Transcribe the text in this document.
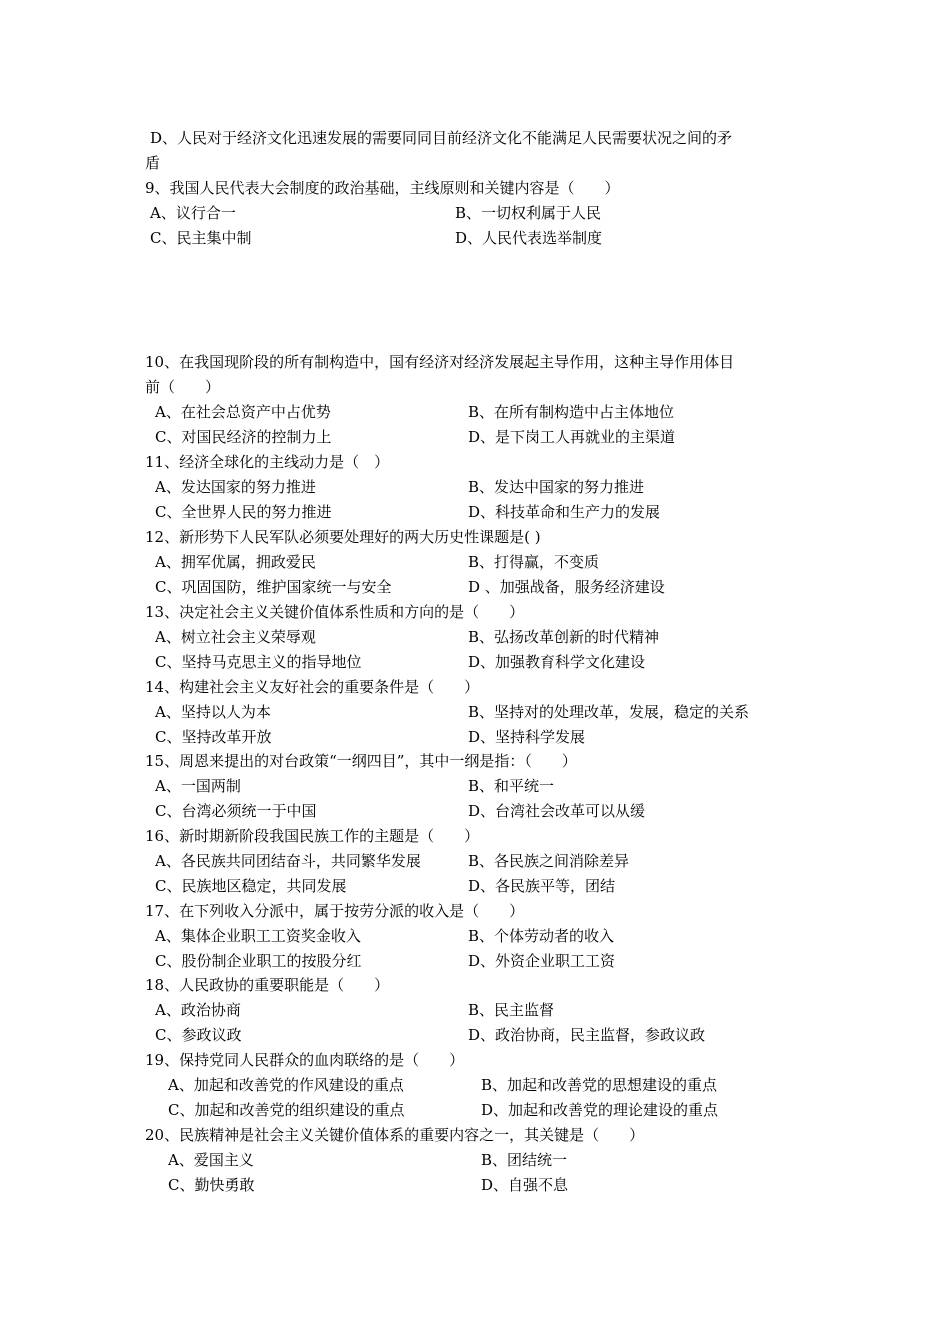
D、人民对于经济文化迅速发展的需要同同目前经济文化不能满足人民需要状况之间的矛
盾
9、我国人民代表大会制度的政治基础，主线原则和关键内容是（　　）
A、议行合一	B、一切权利属于人民
C、民主集中制	D、人民代表选举制度
10、在我国现阶段的所有制构造中，国有经济对经济发展起主导作用，这种主导作用体目
前（　　）
A、在社会总资产中占优势	B、在所有制构造中占主体地位
C、对国民经济的控制力上	D、是下岗工人再就业的主渠道
11、经济全球化的主线动力是（　）
A、发达国家的努力推进	B、发达中国家的努力推进
C、全世界人民的努力推进	D、科技革命和生产力的发展
12、新形势下人民军队必须要处理好的两大历史性课题是( )
A、拥军优属，拥政爱民	B、打得赢，不变质
C、巩固国防，维护国家统一与安全	D 、加强战备，服务经济建设
13、决定社会主义关键价值体系性质和方向的是（　　）
A、树立社会主义荣辱观	B、弘扬改革创新的时代精神
C、坚持马克思主义的指导地位	D、加强教育科学文化建设
14、构建社会主义友好社会的重要条件是（　　）
A、坚持以人为本	B、坚持对的处理改革，发展，稳定的关系
C、坚持改革开放	D、坚持科学发展
15、周恩来提出的对台政策“一纲四目”，其中一纲是指：（　　）
A、一国两制	B、和平统一
C、台湾必须统一于中国	D、台湾社会改革可以从缓
16、新时期新阶段我国民族工作的主题是（　　）
A、各民族共同团结奋斗，共同繁华发展	B、各民族之间消除差异
C、民族地区稳定，共同发展	D、各民族平等，团结
17、在下列收入分派中，属于按劳分派的收入是（　　）
A、集体企业职工工资奖金收入	B、个体劳动者的收入
C、股份制企业职工的按股分红	D、外资企业职工工资
18、人民政协的重要职能是（　　）
A、政治协商	B、民主监督
C、参政议政	D、政治协商，民主监督，参政议政
19、保持党同人民群众的血肉联络的是（　　）
A、加起和改善党的作风建设的重点	B、加起和改善党的思想建设的重点
C、加起和改善党的组织建设的重点	D、加起和改善党的理论建设的重点
20、民族精神是社会主义关键价值体系的重要内容之一，其关键是（　　）
A、爱国主义	B、团结统一
C、勤快勇敢	D、自强不息
